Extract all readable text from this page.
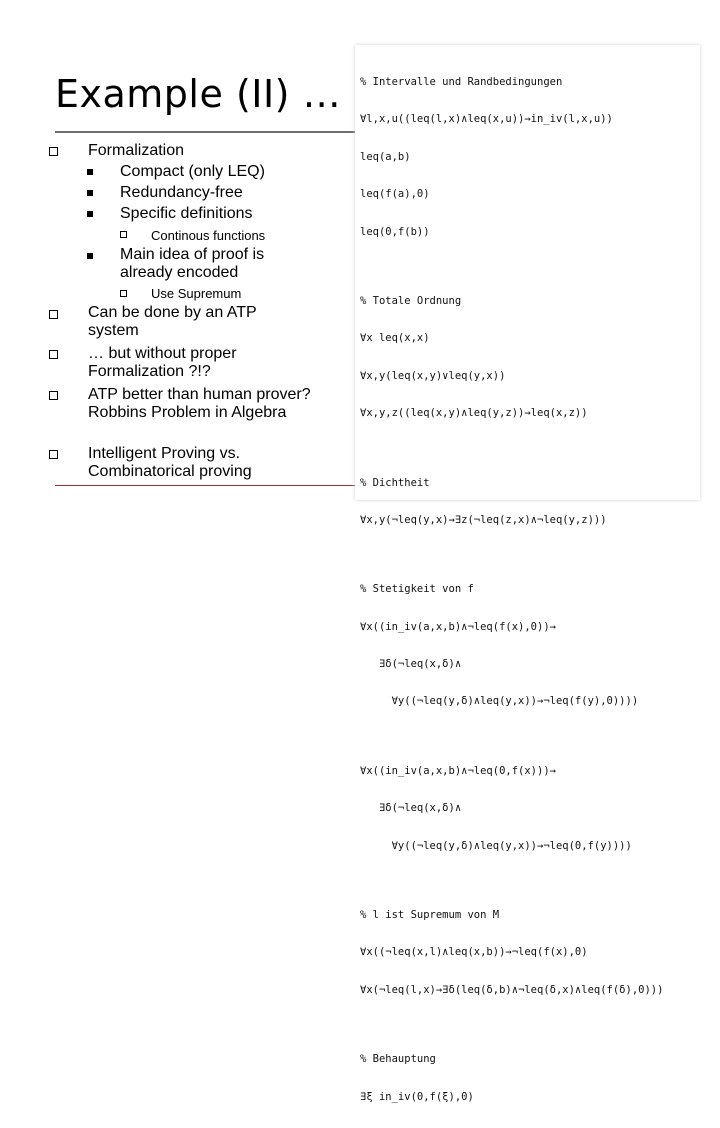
Example (II) …
Formalization
Compact (only LEQ)
Redundancy-free
Specific definitions
Continous functions
Main idea of proof is already encoded
Use Supremum
Can be done by an ATP system
… but without proper Formalization ?!?
ATP better than human prover? Robbins Problem in Algebra
Intelligent Proving vs. Combinatorical proving

% Intervalle und Randbedingungen

∀l,x,u((leq(l,x)∧leq(x,u))→in_iv(l,x,u))

leq(a,b)

leq(f(a),0)

leq(0,f(b))

% Totale Ordnung

∀x leq(x,x)

∀x,y(leq(x,y)∨leq(y,x))

∀x,y,z((leq(x,y)∧leq(y,z))→leq(x,z))

% Dichtheit

∀x,y(¬leq(y,x)→∃z(¬leq(z,x)∧¬leq(y,z)))

% Stetigkeit von f

∀x((in_iv(a,x,b)∧¬leq(f(x),0))→

∃δ(¬leq(x,δ)∧

∀y((¬leq(y,δ)∧leq(y,x))→¬leq(f(y),0))))

∀x((in_iv(a,x,b)∧¬leq(0,f(x)))→

∃δ(¬leq(x,δ)∧

∀y((¬leq(y,δ)∧leq(y,x))→¬leq(0,f(y))))

% l ist Supremum von M

∀x((¬leq(x,l)∧leq(x,b))→¬leq(f(x),0)

∀x(¬leq(l,x)→∃δ(leq(δ,b)∧¬leq(δ,x)∧leq(f(δ),0)))

% Behauptung

∃ξ in_iv(0,f(ξ),0)
